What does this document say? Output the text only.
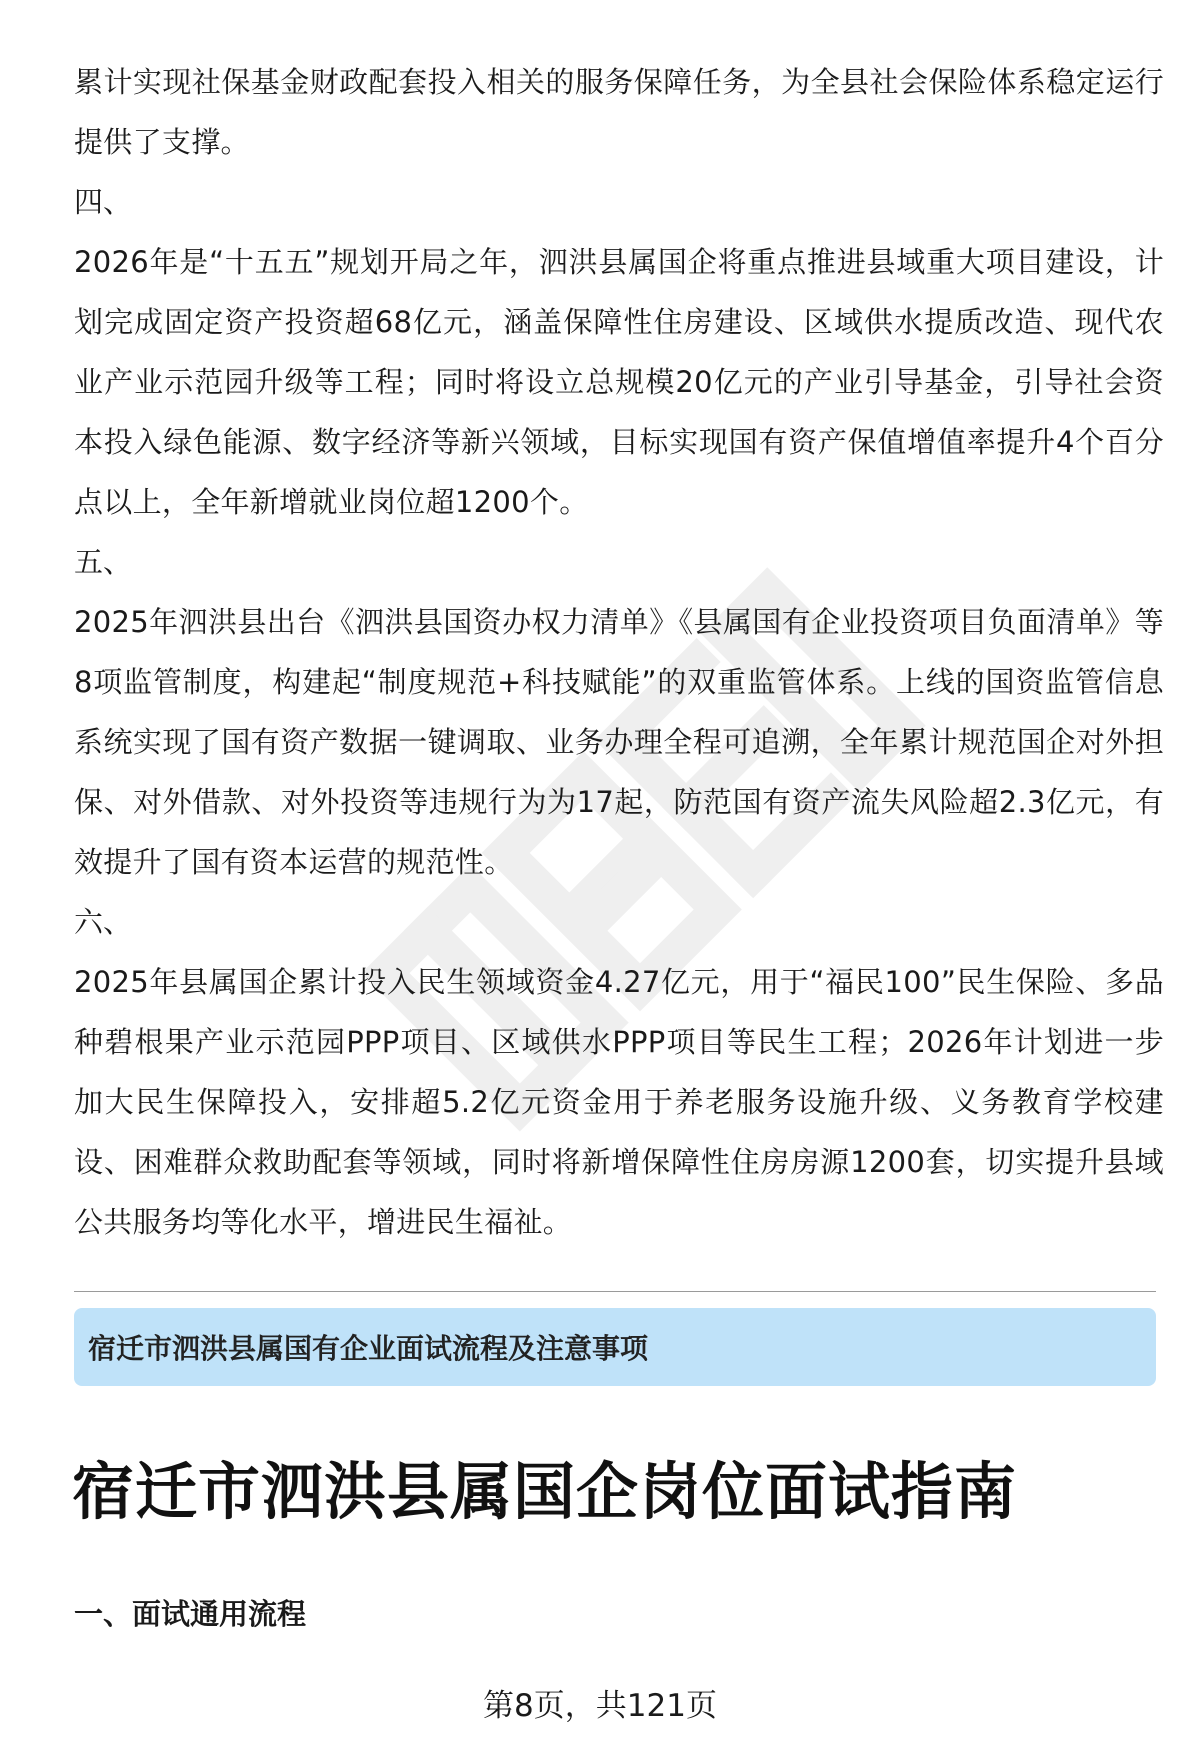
累计实现社保基金财政配套投入相关的服务保障任务，为全县社会保险体系稳定运行提供了支撑。

四、

2026年是“十五五”规划开局之年，泗洪县属国企将重点推进县域重大项目建设，计划完成固定资产投资超68亿元，涵盖保障性住房建设、区域供水提质改造、现代农业产业示范园升级等工程；同时将设立总规模20亿元的产业引导基金，引导社会资本投入绿色能源、数字经济等新兴领域，目标实现国有资产保值增值率提升4个百分点以上，全年新增就业岗位超1200个。

五、

2025年泗洪县出台《泗洪县国资办权力清单》《县属国有企业投资项目负面清单》等8项监管制度，构建起“制度规范+科技赋能”的双重监管体系。上线的国资监管信息系统实现了国有资产数据一键调取、业务办理全程可追溯，全年累计规范国企对外担保、对外借款、对外投资等违规行为为17起，防范国有资产流失风险超2.3亿元，有效提升了国有资本运营的规范性。

六、

2025年县属国企累计投入民生领域资金4.27亿元，用于“福民100”民生保险、多品种碧根果产业示范园PPP项目、区域供水PPP项目等民生工程；2026年计划进一步加大民生保障投入，安排超5.2亿元资金用于养老服务设施升级、义务教育学校建设、困难群众救助配套等领域，同时将新增保障性住房房源1200套，切实提升县域公共服务均等化水平，增进民生福祉。

宿迁市泗洪县属国有企业面试流程及注意事项
宿迁市泗洪县属国企岗位面试指南
一、面试通用流程
第8页，共121页
